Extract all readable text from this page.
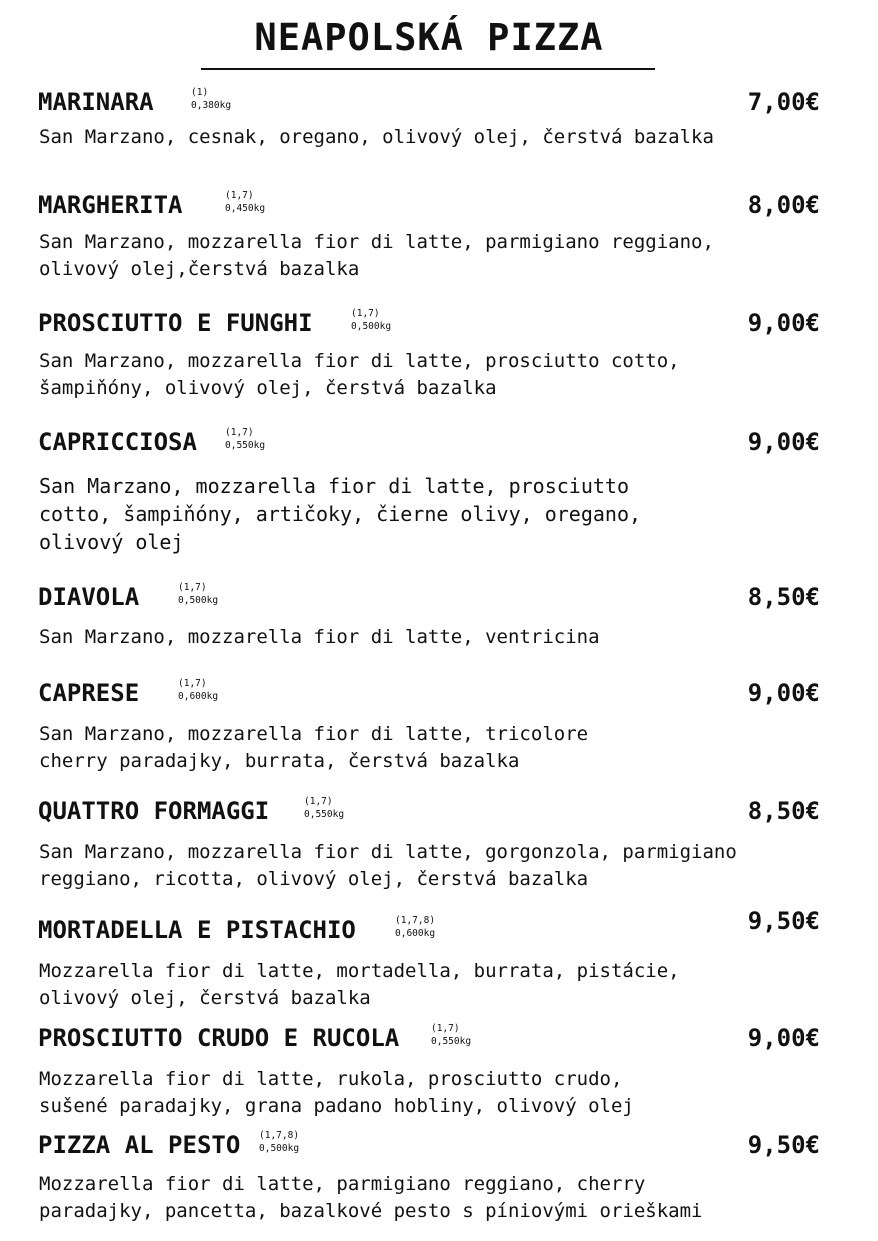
NEAPOLSKÁ PIZZA
MARINARA	(1)
0,380kg	7,00€
San Marzano, cesnak, oregano, olivový olej, čerstvá bazalka
MARGHERITA	(1,7)
0,450kg	8,00€
San Marzano, mozzarella fior di latte, parmigiano reggiano, olivový olej,čerstvá bazalka
PROSCIUTTO E FUNGHI	(1,7)
0,500kg	9,00€
San Marzano, mozzarella fior di latte, prosciutto cotto, šampiňóny, olivový olej, čerstvá bazalka
CAPRICCIOSA	(1,7)
0,550kg	9,00€
San Marzano, mozzarella fior di latte, prosciutto cotto, šampiňóny, artičoky, čierne olivy, oregano, olivový olej
DIAVOLA	(1,7)
0,500kg	8,50€
San Marzano, mozzarella fior di latte, ventricina
CAPRESE	(1,7)
0,600kg	9,00€
San Marzano, mozzarella fior di latte, tricolore cherry paradajky, burrata, čerstvá bazalka
QUATTRO FORMAGGI	(1,7)
0,550kg	8,50€
San Marzano, mozzarella fior di latte, gorgonzola, parmigiano reggiano, ricotta, olivový olej, čerstvá bazalka
MORTADELLA E PISTACHIO	(1,7,8)
0,600kg	9,50€
Mozzarella fior di latte, mortadella, burrata, pistácie, olivový olej, čerstvá bazalka
PROSCIUTTO CRUDO E RUCOLA	(1,7)
0,550kg	9,00€
Mozzarella fior di latte, rukola, prosciutto crudo, sušené paradajky, grana padano hobliny, olivový olej
PIZZA AL PESTO (1,7,8)
0,500kg	9,50€
Mozzarella fior di latte, parmigiano reggiano, cherry paradajky, pancetta, bazalkové pesto s píniovými orieškami
